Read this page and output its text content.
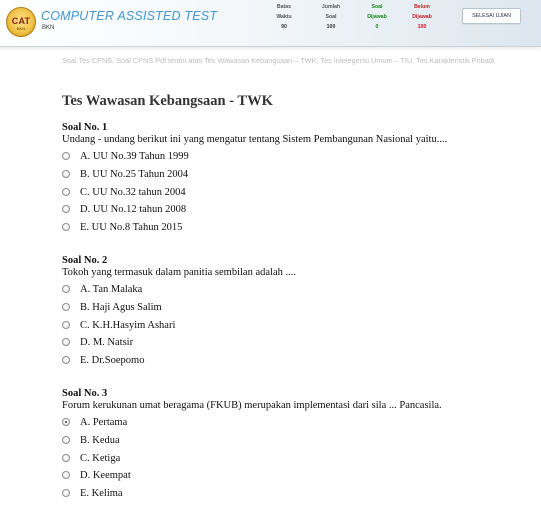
CAT
BKN
COMPUTER ASSISTED TEST
BKN
Batas
Waktu
90
Jumlah
Soal
100
Soal
Dijawab
0
Belum
Dijawab
100
SELESAI UJIAN
Soal Tes CPNS, Soal CPNS Pdf terdiri atas Tes Wawasan Kebangsaan – TWK, Tes Intelegensi Umum – TIU, Tes Karakteristik Pribadi
Tes Wawasan Kebangsaan - TWK
Soal No. 1
Undang - undang berikut ini yang mengatur tentang Sistem Pembangunan Nasional yaitu....
A. UU No.39 Tahun 1999
B. UU No.25 Tahun 2004
C. UU No.32 tahun 2004
D. UU No.12 tahun 2008
E. UU No.8 Tahun 2015
Soal No. 2
Tokoh yang termasuk dalam panitia sembilan adalah ....
A. Tan Malaka
B. Haji Agus Salim
C. K.H.Hasyim Ashari
D. M. Natsir
E. Dr.Soepomo
Soal No. 3
Forum kerukunan umat beragama (FKUB) merupakan implementasi dari sila ... Pancasila.
A. Pertama
B. Kedua
C. Ketiga
D. Keempat
E. Kelima
